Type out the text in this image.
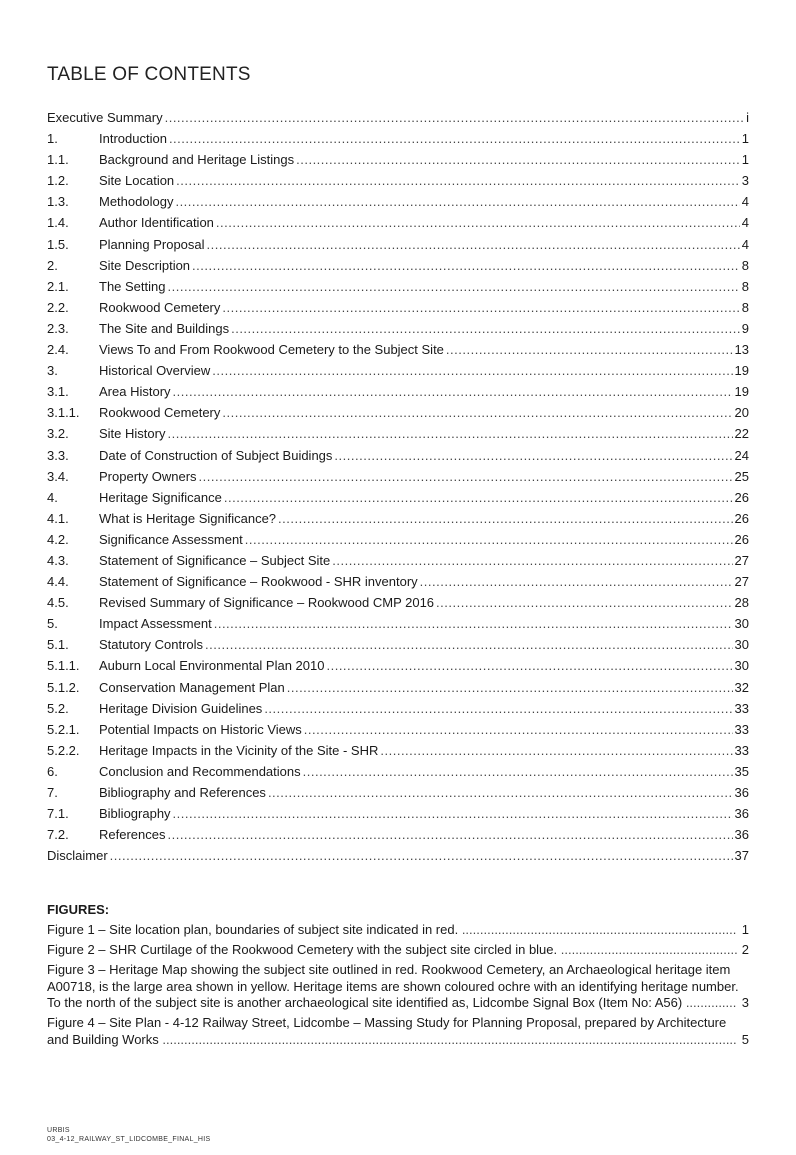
TABLE OF CONTENTS
Executive Summary .....	i
1.	Introduction .....	1
1.1.	Background and Heritage Listings .....	1
1.2.	Site Location .....	3
1.3.	Methodology .....	4
1.4.	Author Identification .....	4
1.5.	Planning Proposal .....	4
2.	Site Description .....	8
2.1.	The Setting .....	8
2.2.	Rookwood Cemetery .....	8
2.3.	The Site and Buildings .....	9
2.4.	Views To and From Rookwood Cemetery to the Subject Site .....	13
3.	Historical Overview .....	19
3.1.	Area History .....	19
3.1.1.	Rookwood Cemetery .....	20
3.2.	Site History .....	22
3.3.	Date of Construction of Subject Buidings .....	24
3.4.	Property Owners .....	25
4.	Heritage Significance .....	26
4.1.	What is Heritage Significance? .....	26
4.2.	Significance Assessment .....	26
4.3.	Statement of Significance – Subject Site .....	27
4.4.	Statement of Significance – Rookwood - SHR inventory .....	27
4.5.	Revised Summary of Significance – Rookwood CMP 2016 .....	28
5.	Impact Assessment .....	30
5.1.	Statutory Controls .....	30
5.1.1.	Auburn Local Environmental Plan 2010 .....	30
5.1.2.	Conservation Management Plan .....	32
5.2.	Heritage Division Guidelines .....	33
5.2.1.	Potential Impacts on Historic Views .....	33
5.2.2.	Heritage Impacts in the Vicinity of the Site - SHR .....	33
6.	Conclusion and Recommendations .....	35
7.	Bibliography and References .....	36
7.1.	Bibliography .....	36
7.2.	References .....	36
Disclaimer .....	37
FIGURES:
Figure 1 – Site location plan, boundaries of subject site indicated in red. ............................................................................ 1
Figure 2 – SHR Curtilage of the Rookwood Cemetery with the subject site circled in blue. ................................................. 2
Figure 3 – Heritage Map showing the subject site outlined in red. Rookwood Cemetery, an Archaeological heritage item A00718, is the large area shown in yellow. Heritage items are shown coloured ochre with an identifying heritage number. To the north of the subject site is another archaeological site identified as, Lidcombe Signal Box (Item No: A56) .............. 3
Figure 4 – Site Plan - 4-12 Railway Street, Lidcombe – Massing Study for Planning Proposal, prepared by Architecture and Building Works ............................................................................................................................................................... 5
URBIS
03_4-12_RAILWAY_ST_LIDCOMBE_FINAL_HIS
